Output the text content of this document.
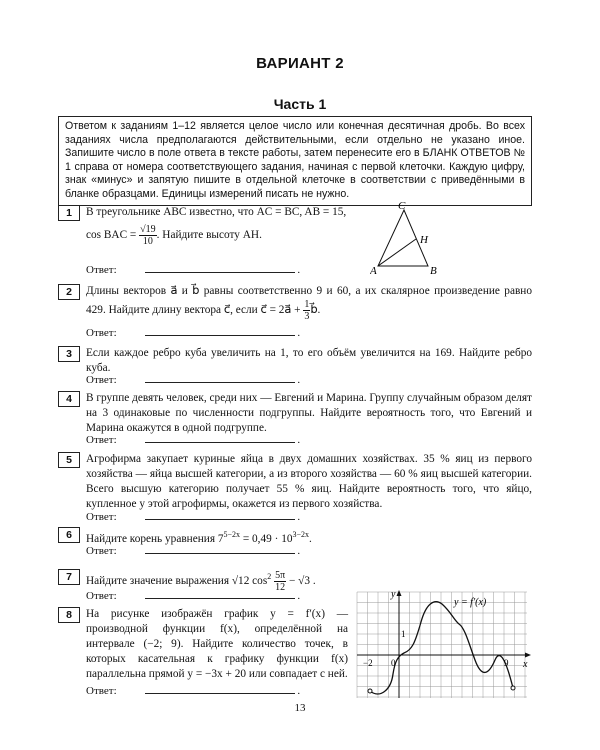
ВАРИАНТ 2
Часть 1
Ответом к заданиям 1–12 является целое число или конечная десятичная дробь. Во всех заданиях числа предполагаются действительными, если отдельно не указано иное. Запишите число в поле ответа в тексте работы, затем перенесите его в БЛАНК ОТВЕТОВ № 1 справа от номера соответствующего задания, начиная с первой клеточки. Каждую цифру, знак «минус» и запятую пишите в отдельной клеточке в соответствии с приведёнными в бланке образцами. Единицы измерений писать не нужно.
1	В треугольнике ABC известно, что AC = BC, AB = 15,
cos BAC = $\frac{√19}{10}$ . Найдите высоту AH.
Ответ:	.	A	B
C
H
2	Длины векторов a⃗ и b⃗ равны соответственно 9 и 60, а их скалярное произведение равно 429. Найдите длину вектора c⃗, если c⃗ = 2a⃗ + $\frac{1}{3}$ b⃗.
Ответ:	.
3	Если каждое ребро куба увеличить на 1, то его объём увеличится на 169. Найдите ребро куба.
Ответ:	.
4	В группе девять человек, среди них — Евгений и Марина. Группу случайным образом делят на 3 одинаковые по численности подгруппы. Найдите вероятность того, что Евгений и Марина окажутся в одной подгруппе.
Ответ:	.
5	Агрофирма закупает куриные яйца в двух домашних хозяйствах. 35 % яиц из первого хозяйства — яйца высшей категории, а из второго хозяйства — 60 % яиц высшей категории. Всего высшую категорию получает 55 % яиц. Найдите вероятность того, что яйцо, купленное у этой агрофирмы, окажется из первого хозяйства.
Ответ:	.
6	Найдите корень уравнения $7^{5-2x} = 0,49 \cdot 10^{3-2x}$.
Ответ:	.
7	Найдите значение выражения √12 $\cos^2 \frac{5\pi}{12} - √3$ .
Ответ:	.
8	На рисунке изображён график y = f′(x) — производной функции f(x), определённой на интервале (−2; 9). Найдите количество точек, в которых касательная к графику функции f(x) параллельна прямой y = −3x + 20 или совпадает с ней.
Ответ:	.
y
x
y = f′(x)
−2 0
1
9
13
